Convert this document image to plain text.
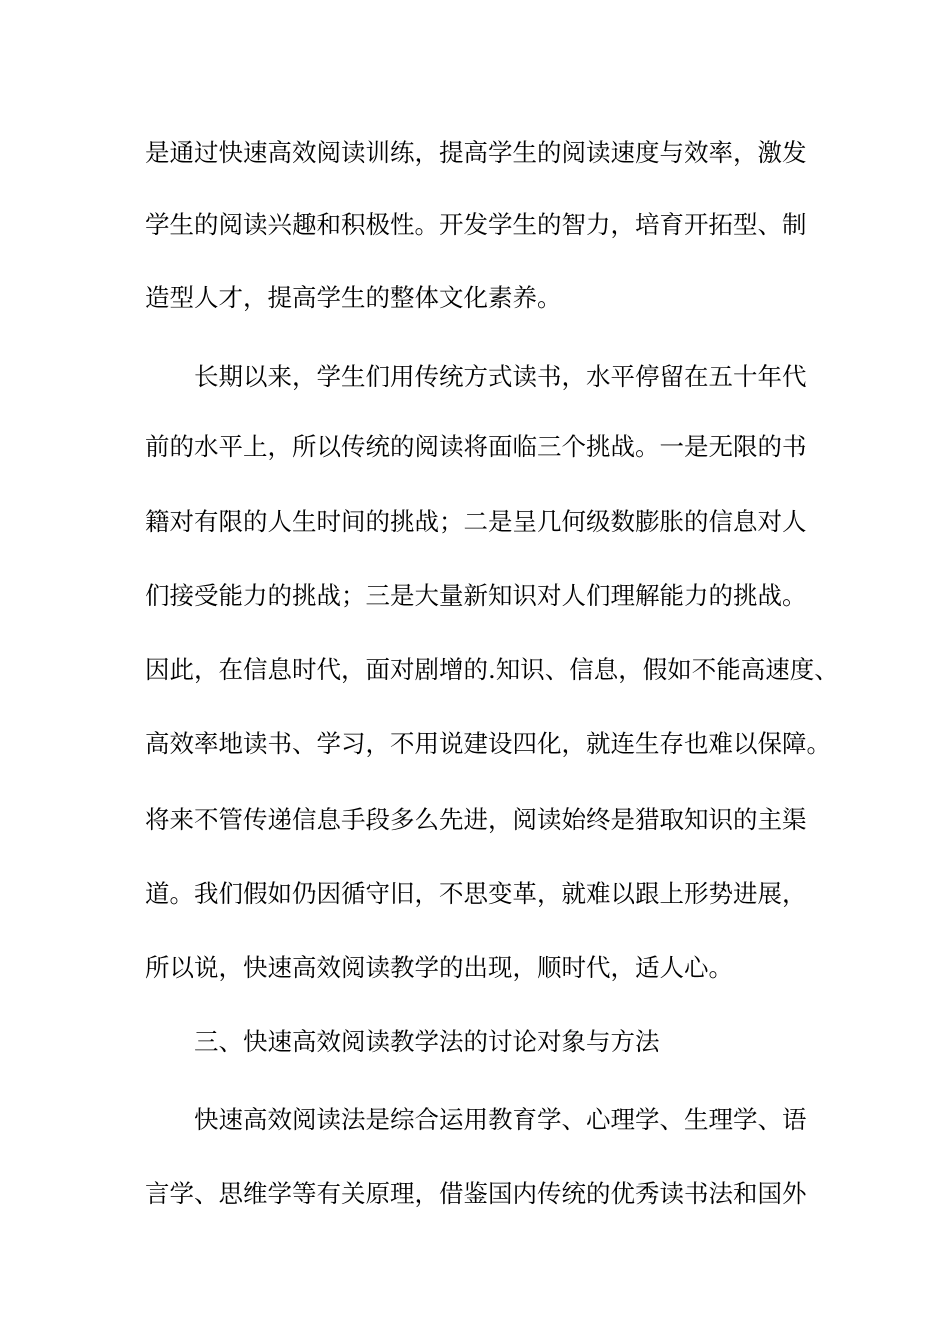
是通过快速高效阅读训练，提高学生的阅读速度与效率，激发
学生的阅读兴趣和积极性。开发学生的智力，培育开拓型、制
造型人才，提高学生的整体文化素养。
长期以来，学生们用传统方式读书，水平停留在五十年代
前的水平上，所以传统的阅读将面临三个挑战。一是无限的书
籍对有限的人生时间的挑战；二是呈几何级数膨胀的信息对人
们接受能力的挑战；三是大量新知识对人们理解能力的挑战。
因此，在信息时代，面对剧增的.知识、信息，假如不能高速度、
高效率地读书、学习，不用说建设四化，就连生存也难以保障。
将来不管传递信息手段多么先进，阅读始终是猎取知识的主渠
道。我们假如仍因循守旧，不思变革，就难以跟上形势进展，
所以说，快速高效阅读教学的出现，顺时代，适人心。
三、快速高效阅读教学法的讨论对象与方法
快速高效阅读法是综合运用教育学、心理学、生理学、语
言学、思维学等有关原理，借鉴国内传统的优秀读书法和国外
